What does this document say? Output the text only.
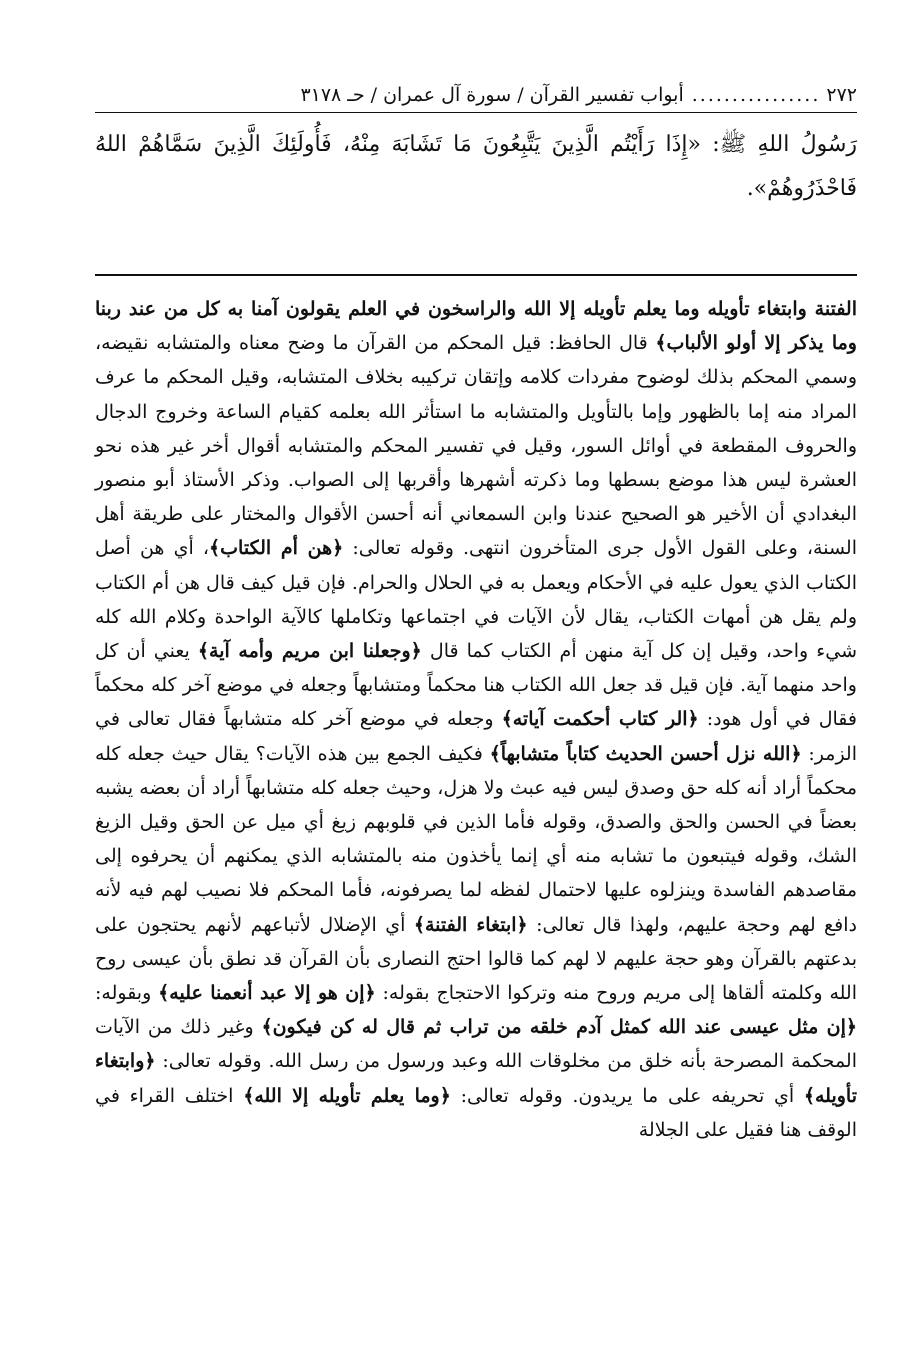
٢٧٢
................
أبواب تفسير القرآن / سورة آل عمران / حـ ٣١٧٨
رَسُولُ اللهِ ﷺ: «إِذَا رَأَيْتُم الَّذِينَ يَتَّبِعُونَ مَا تَشَابَهَ مِنْهُ، فَأُولَئِكَ الَّذِينَ سَمَّاهُمْ اللهُ فَاحْذَرُوهُمْ».
الفتنة وابتغاء تأويله وما يعلم تأويله إلا الله والراسخون في العلم يقولون آمنا به كل من عند ربنا وما يذكر إلا أولو الألباب﴾ قال الحافظ: قيل المحكم من القرآن ما وضح معناه والمتشابه نقيضه، وسمي المحكم بذلك لوضوح مفردات كلامه وإتقان تركيبه بخلاف المتشابه، وقيل المحكم ما عرف المراد منه إما بالظهور وإما بالتأويل والمتشابه ما استأثر الله بعلمه كقيام الساعة وخروج الدجال والحروف المقطعة في أوائل السور، وقيل في تفسير المحكم والمتشابه أقوال أخر غير هذه نحو العشرة ليس هذا موضع بسطها وما ذكرته أشهرها وأقربها إلى الصواب. وذكر الأستاذ أبو منصور البغدادي أن الأخير هو الصحيح عندنا وابن السمعاني أنه أحسن الأقوال والمختار على طريقة أهل السنة، وعلى القول الأول جرى المتأخرون انتهى. وقوله تعالى: ﴿هن أم الكتاب﴾، أي هن أصل الكتاب الذي يعول عليه في الأحكام ويعمل به في الحلال والحرام. فإن قيل كيف قال هن أم الكتاب ولم يقل هن أمهات الكتاب، يقال لأن الآيات في اجتماعها وتكاملها كالآية الواحدة وكلام الله كله شيء واحد، وقيل إن كل آية منهن أم الكتاب كما قال ﴿وجعلنا ابن مريم وأمه آية﴾ يعني أن كل واحد منهما آية. فإن قيل قد جعل الله الكتاب هنا محكماً ومتشابهاً وجعله في موضع آخر كله محكماً فقال في أول هود: ﴿الر كتاب أحكمت آياته﴾ وجعله في موضع آخر كله متشابهاً فقال تعالى في الزمر: ﴿الله نزل أحسن الحديث كتاباً متشابهاً﴾ فكيف الجمع بين هذه الآيات؟ يقال حيث جعله كله محكماً أراد أنه كله حق وصدق ليس فيه عبث ولا هزل، وحيث جعله كله متشابهاً أراد أن بعضه يشبه بعضاً في الحسن والحق والصدق، وقوله فأما الذين في قلوبهم زيغ أي ميل عن الحق وقيل الزيغ الشك، وقوله فيتبعون ما تشابه منه أي إنما يأخذون منه بالمتشابه الذي يمكنهم أن يحرفوه إلى مقاصدهم الفاسدة وينزلوه عليها لاحتمال لفظه لما يصرفونه، فأما المحكم فلا نصيب لهم فيه لأنه دافع لهم وحجة عليهم، ولهذا قال تعالى: ﴿ابتغاء الفتنة﴾ أي الإضلال لأتباعهم لأنهم يحتجون على بدعتهم بالقرآن وهو حجة عليهم لا لهم كما قالوا احتج النصارى بأن القرآن قد نطق بأن عيسى روح الله وكلمته ألقاها إلى مريم وروح منه وتركوا الاحتجاج بقوله: ﴿إن هو إلا عبد أنعمنا عليه﴾ وبقوله: ﴿إن مثل عيسى عند الله كمثل آدم خلقه من تراب ثم قال له كن فيكون﴾ وغير ذلك من الآيات المحكمة المصرحة بأنه خلق من مخلوقات الله وعبد ورسول من رسل الله. وقوله تعالى: ﴿وابتغاء تأويله﴾ أي تحريفه على ما يريدون. وقوله تعالى: ﴿وما يعلم تأويله إلا الله﴾ اختلف القراء في الوقف هنا فقيل على الجلالة
